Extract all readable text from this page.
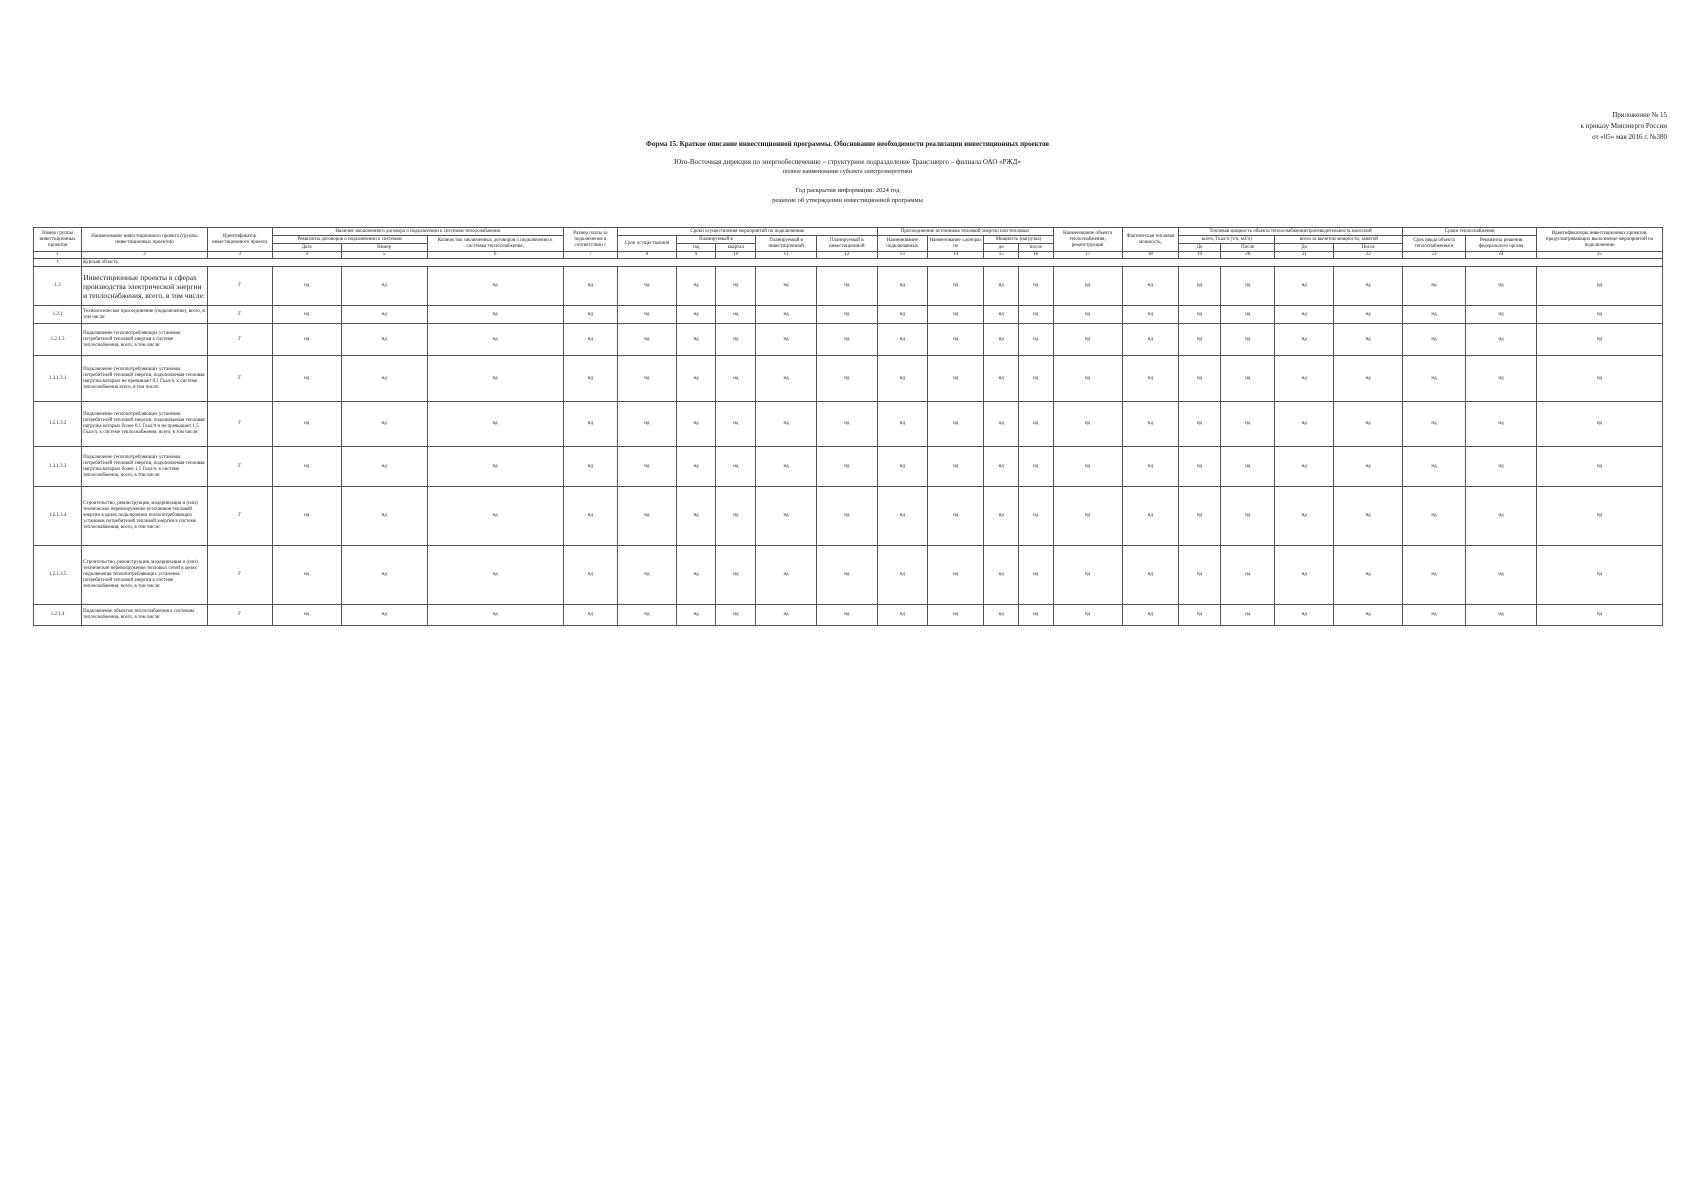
Приложение № 15
к приказу Минэнерго России
от «05» мая 2016 г. №380
Форма 15. Краткое описание инвестиционной программы. Обоснование необходимости реализации инвестиционных проектов
Юго-Восточная дирекция по энергообеспечению – структурное подразделение Трансэнерго – филиала ОАО «РЖД»
полное наименование субъекта электроэнергетики
Год раскрытия информации: 2024 год
решение об утверждении инвестиционной программы
Номер группы инвестиционных проектов	Наименование инвестиционного проекта (группы инвестиционных проектов)	Идентификатор инвестиционного проекта	Наличие заключенного договора о подключении к системам теплоснабжения			Размер платы за подключение в соответствии с	Сроки осуществления мероприятий по подключению					Присоединение источников тепловой энергии или тепловых				Наименование объекта теплоснабжения, реконструкция	Фактическая тепловая мощность,	Тепловая мощность объекта теплоснабжения/производительность насосной				Сроки теплоснабжения		Идентификаторы инвестиционных проектов, предусматривающих выполнение мероприятий по подключению
			Реквизиты договоров о подключении к системам		Количество заключенных договоров о подключении к системам теплоснабжения,		Срок осуществления	Планируемый в		Планируемый в инвестиционной	Планируемый в инвестиционной	Наименование подключаемых	Наименование «донора» по	Мощность (нагрузка)				всего, Гкал/ч (т/ч, м3/ч)		всего за вычетом мощности, занятой		Срок ввода объекта теплоснабжения в	Реквизиты решения федерального органа	
			Дата	Номер				год	квартал					до	после			До	После	До	После			
1	2	3	4	5	6	7	8	9	10	11	12	13	14	15	16	17	18	19	20	21	22	23	24	25
1	Курская область																							
1.2	Инвестиционные проекты в сферах производства электрической энергии и теплоснабжения, всего, в том числе:	Г	нд	нд	нд	нд	нд	нд	нд	нд	нд	нд	нд	нд	нд	нд	нд	нд	нд	нд	нд	нд	нд	нд
1.2.1	Технологическое присоединение (подключение), всего, в том числе:	Г	нд	нд	нд	нд	нд	нд	нд	нд	нд	нд	нд	нд	нд	нд	нд	нд	нд	нд	нд	нд	нд	нд
1.2.1.3	Подключение теплопотребляющих установок потребителей тепловой энергии к системе теплоснабжения, всего, в том числе:	Г	нд	нд	нд	нд	нд	нд	нд	нд	нд	нд	нд	нд	нд	нд	нд	нд	нд	нд	нд	нд	нд	нд
1.2.1.3.1	Подключение теплопотребляющих установок потребителей тепловой энергии, подключаемая тепловая нагрузка которых не превышает 0,1 Гкал/ч, к системе теплоснабжения всего, в том числе:	Г	нд	нд	нд	нд	нд	нд	нд	нд	нд	нд	нд	нд	нд	нд	нд	нд	нд	нд	нд	нд	нд	нд
1.2.1.3.2	Подключение теплопотребляющих установок потребителей тепловой энергии, подключаемая тепловая нагрузка которых более 0,1 Гкал/ч и не превышает 1,5 Гкал/ч, к системе теплоснабжения, всего, в том числе:	Г	нд	нд	нд	нд	нд	нд	нд	нд	нд	нд	нд	нд	нд	нд	нд	нд	нд	нд	нд	нд	нд	нд
1.2.1.3.3	Подключение теплопотребляющих установок потребителей тепловой энергии, подключаемая тепловая нагрузка которых более 1,5 Гкал/ч, к системе теплоснабжения, всего, в том числе:	Г	нд	нд	нд	нд	нд	нд	нд	нд	нд	нд	нд	нд	нд	нд	нд	нд	нд	нд	нд	нд	нд	нд
1.2.1.3.4	Строительство, реконструкция, модернизация и (или) техническое перевооружение источников тепловой энергии в целях подключения теплопотребляющих установок потребителей тепловой энергии к системе теплоснабжения, всего, в том числе:	Г	нд	нд	нд	нд	нд	нд	нд	нд	нд	нд	нд	нд	нд	нд	нд	нд	нд	нд	нд	нд	нд	нд
1.2.1.3.5	Строительство, реконструкция, модернизация и (или) техническое перевооружение тепловых сетей в целях подключения теплопотребляющих установок потребителей тепловой энергии к системе теплоснабжения, всего, в том числе:	Г	нд	нд	нд	нд	нд	нд	нд	нд	нд	нд	нд	нд	нд	нд	нд	нд	нд	нд	нд	нд	нд	нд
1.2.1.4	Подключение объектов теплоснабжения к системам теплоснабжения, всего, в том числе:	Г	нд	нд	нд	нд	нд	нд	нд	нд	нд	нд	нд	нд	нд	нд	нд	нд	нд	нд	нд	нд	нд	нд
